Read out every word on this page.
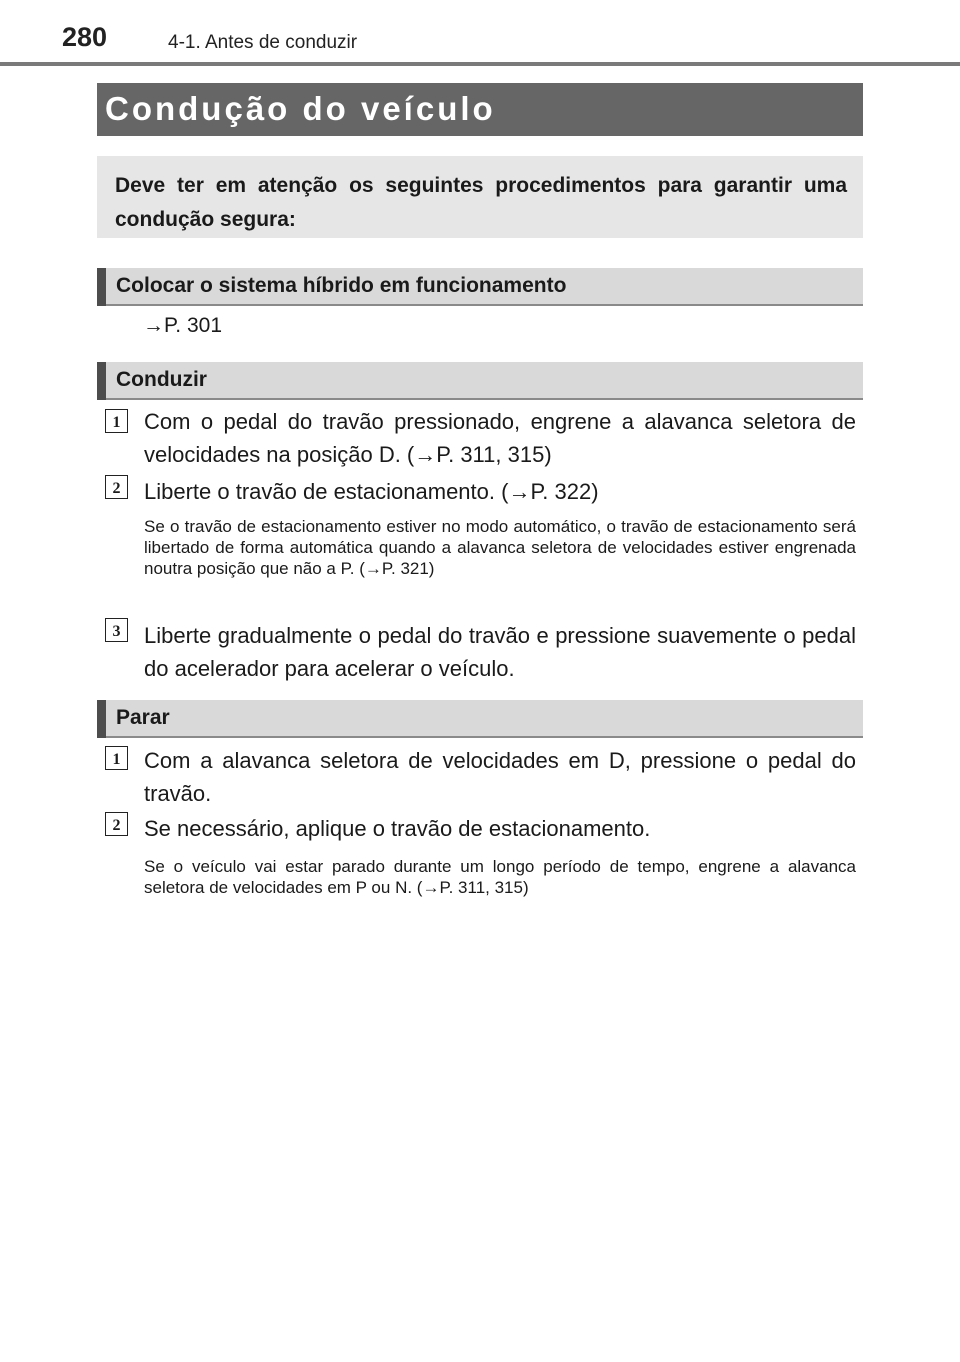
280	4-1. Antes de conduzir
Condução do veículo

Deve ter em atenção os seguintes procedimentos para garantir uma condução segura:

Colocar o sistema híbrido em funcionamento
→P. 301
Conduzir
1	Com o pedal do travão pressionado, engrene a alavanca seletora de velocidades na posição D. (→P. 311, 315)

2	Liberte o travão de estacionamento. (→P. 322)

Se o travão de estacionamento estiver no modo automático, o travão de estacionamento será libertado de forma automática quando a alavanca seletora de velocidades estiver engrenada noutra posição que não a P. (→P. 321)

3	Liberte gradualmente o pedal do travão e pressione suavemente o pedal do acelerador para acelerar o veículo.

Parar
1	Com a alavanca seletora de velocidades em D, pressione o pedal do travão.

2	Se necessário, aplique o travão de estacionamento.

Se o veículo vai estar parado durante um longo período de tempo, engrene a alavanca seletora de velocidades em P ou N. (→P. 311, 315)
